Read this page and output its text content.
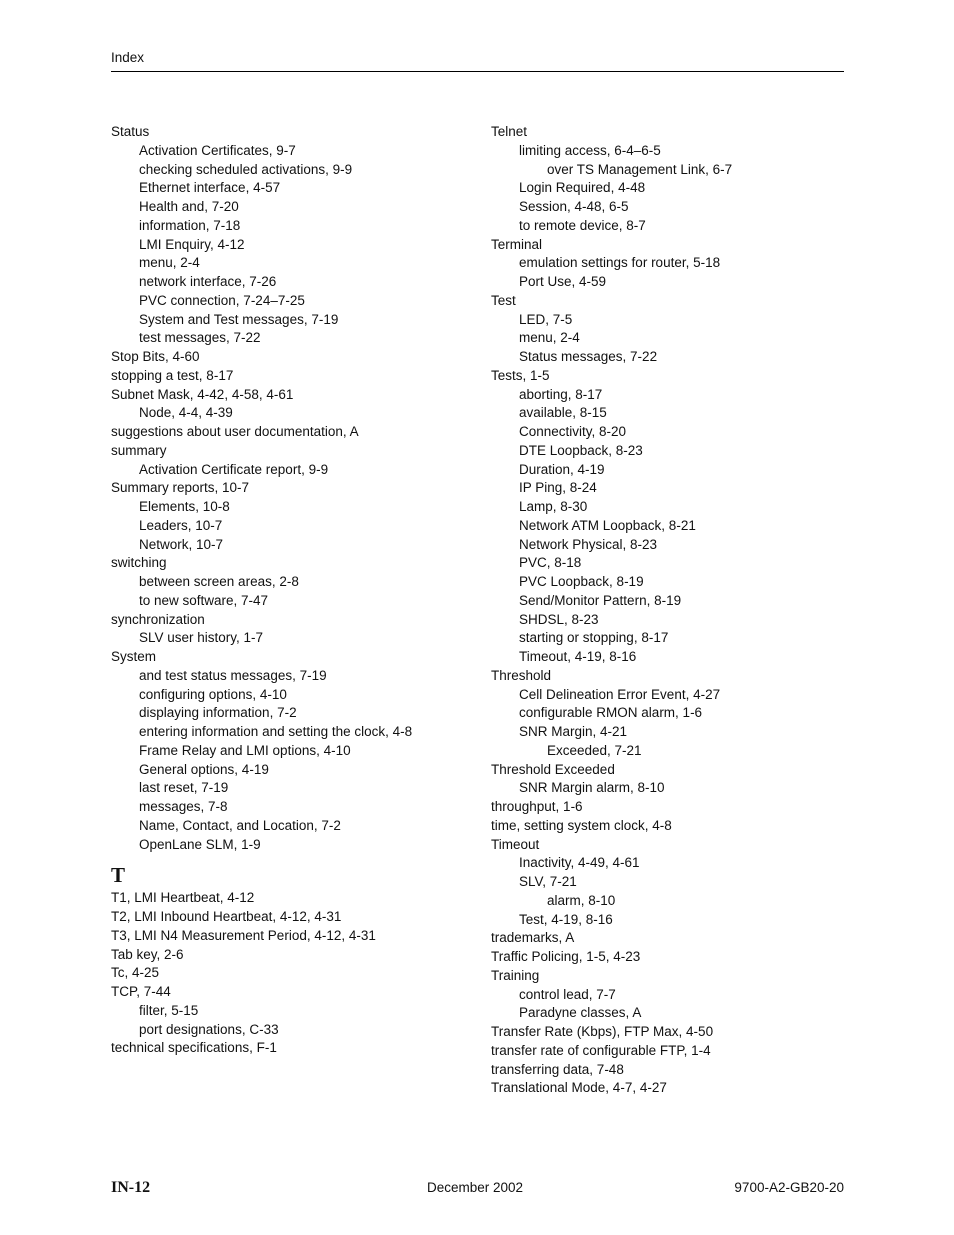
Index
Status
Activation Certificates, 9-7
checking scheduled activations, 9-9
Ethernet interface, 4-57
Health and, 7-20
information, 7-18
LMI Enquiry, 4-12
menu, 2-4
network interface, 7-26
PVC connection, 7-24–7-25
System and Test messages, 7-19
test messages, 7-22
Stop Bits, 4-60
stopping a test, 8-17
Subnet Mask, 4-42, 4-58, 4-61
Node, 4-4, 4-39
suggestions about user documentation, A
summary
Activation Certificate report, 9-9
Summary reports, 10-7
Elements, 10-8
Leaders, 10-7
Network, 10-7
switching
between screen areas, 2-8
to new software, 7-47
synchronization
SLV user history, 1-7
System
and test status messages, 7-19
configuring options, 4-10
displaying information, 7-2
entering information and setting the clock, 4-8
Frame Relay and LMI options, 4-10
General options, 4-19
last reset, 7-19
messages, 7-8
Name, Contact, and Location, 7-2
OpenLane SLM, 1-9
T
T1, LMI Heartbeat, 4-12
T2, LMI Inbound Heartbeat, 4-12, 4-31
T3, LMI N4 Measurement Period, 4-12, 4-31
Tab key, 2-6
Tc, 4-25
TCP, 7-44
filter, 5-15
port designations, C-33
technical specifications, F-1
Telnet
limiting access, 6-4–6-5
over TS Management Link, 6-7
Login Required, 4-48
Session, 4-48, 6-5
to remote device, 8-7
Terminal
emulation settings for router, 5-18
Port Use, 4-59
Test
LED, 7-5
menu, 2-4
Status messages, 7-22
Tests, 1-5
aborting, 8-17
available, 8-15
Connectivity, 8-20
DTE Loopback, 8-23
Duration, 4-19
IP Ping, 8-24
Lamp, 8-30
Network ATM Loopback, 8-21
Network Physical, 8-23
PVC, 8-18
PVC Loopback, 8-19
Send/Monitor Pattern, 8-19
SHDSL, 8-23
starting or stopping, 8-17
Timeout, 4-19, 8-16
Threshold
Cell Delineation Error Event, 4-27
configurable RMON alarm, 1-6
SNR Margin, 4-21
Exceeded, 7-21
Threshold Exceeded
SNR Margin alarm, 8-10
throughput, 1-6
time, setting system clock, 4-8
Timeout
Inactivity, 4-49, 4-61
SLV, 7-21
alarm, 8-10
Test, 4-19, 8-16
trademarks, A
Traffic Policing, 1-5, 4-23
Training
control lead, 7-7
Paradyne classes, A
Transfer Rate (Kbps), FTP Max, 4-50
transfer rate of configurable FTP, 1-4
transferring data, 7-48
Translational Mode, 4-7, 4-27
IN-12	December 2002	9700-A2-GB20-20
